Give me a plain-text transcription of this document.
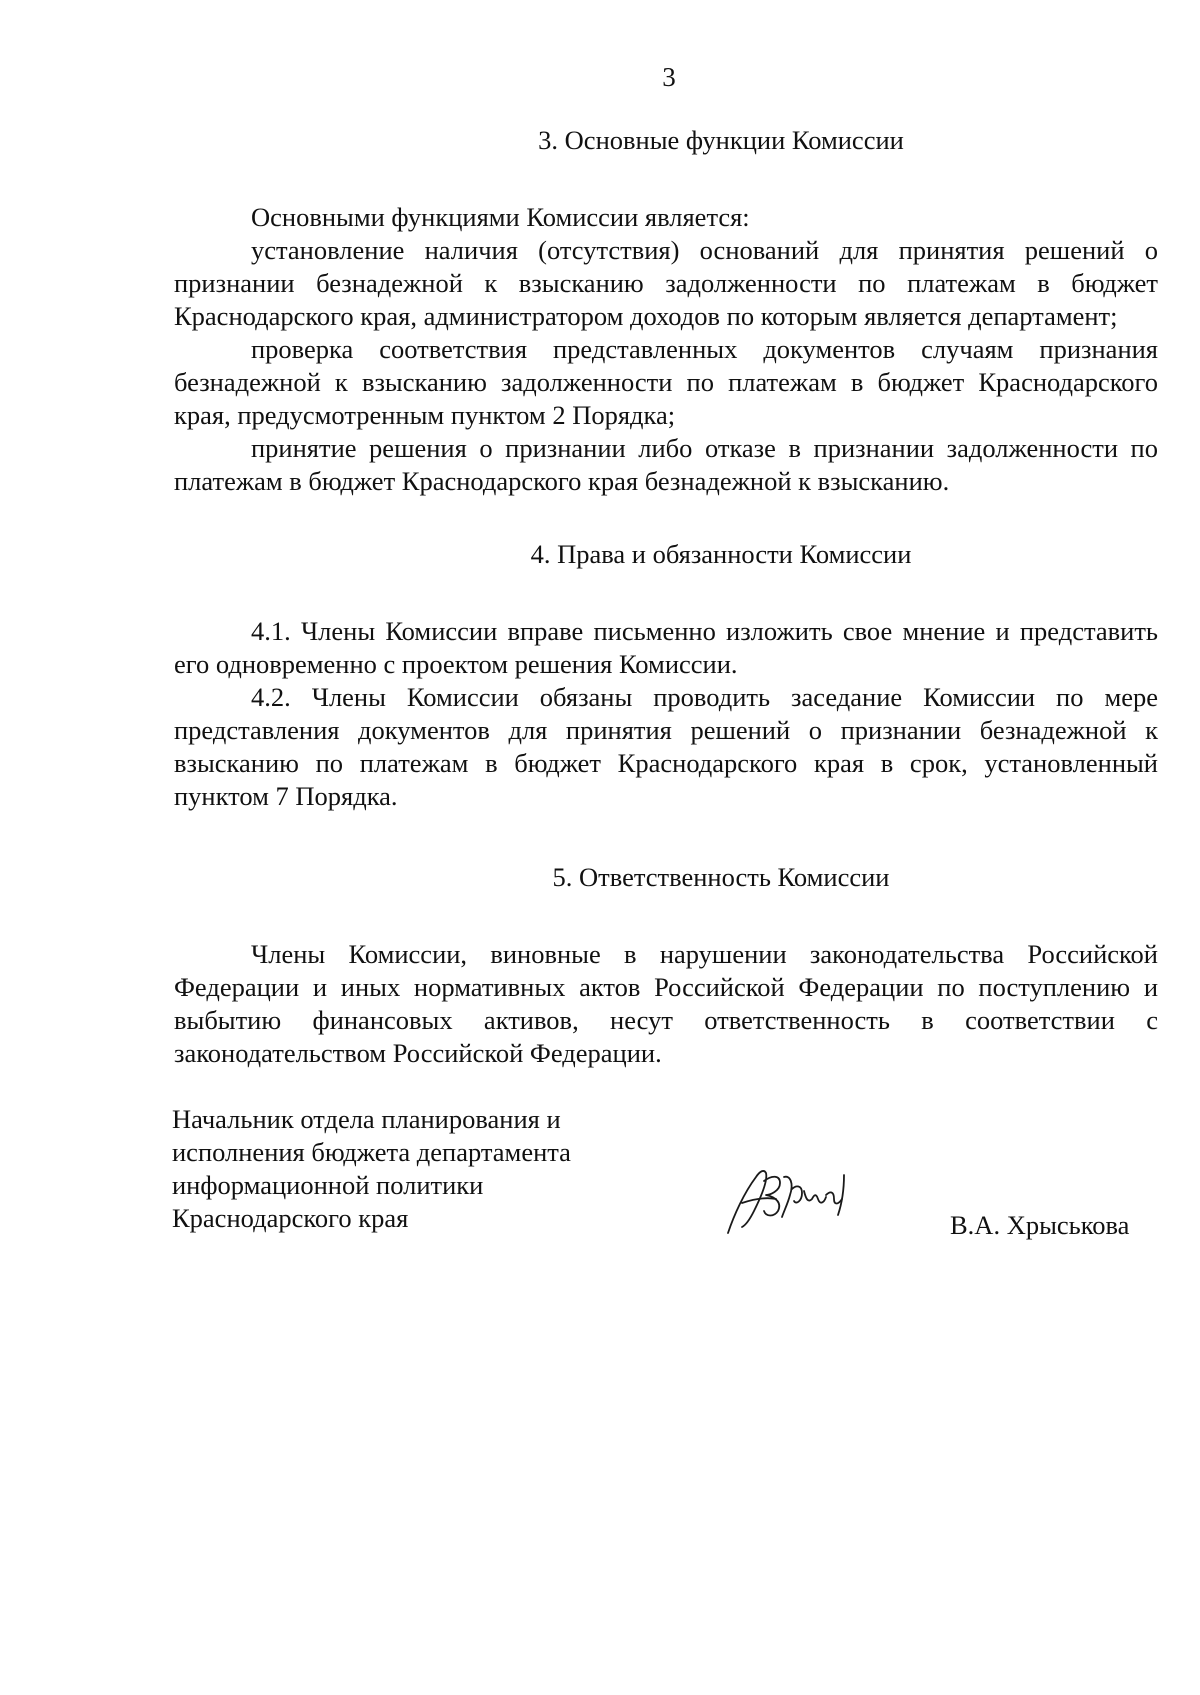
3

3. Основные функции Комиссии

Основными функциями Комиссии является:

установление наличия (отсутствия) оснований для принятия решений о признании безнадежной к взысканию задолженности по платежам в бюджет Краснодарского края, администратором доходов по которым является департамент;

проверка соответствия представленных документов случаям признания безнадежной к взысканию задолженности по платежам в бюджет Краснодарского края, предусмотренным пунктом 2 Порядка;

принятие решения о признании либо отказе в признании задолженности по платежам в бюджет Краснодарского края безнадежной к взысканию.

4. Права и обязанности Комиссии

4.1. Члены Комиссии вправе письменно изложить свое мнение и представить его одновременно с проектом решения Комиссии.

4.2. Члены Комиссии обязаны проводить заседание Комиссии по мере представления документов для принятия решений о признании безнадежной к взысканию по платежам в бюджет Краснодарского края в срок, установленный пунктом 7 Порядка.

5. Ответственность Комиссии

Члены Комиссии, виновные в нарушении законодательства Российской Федерации и иных нормативных актов Российской Федерации по поступлению и выбытию финансовых активов, несут ответственность в соответствии с законодательством Российской Федерации.

Начальник отдела планирования и
исполнения бюджета департамента
информационной политики
Краснодарского края	В.А. Хрыськова
